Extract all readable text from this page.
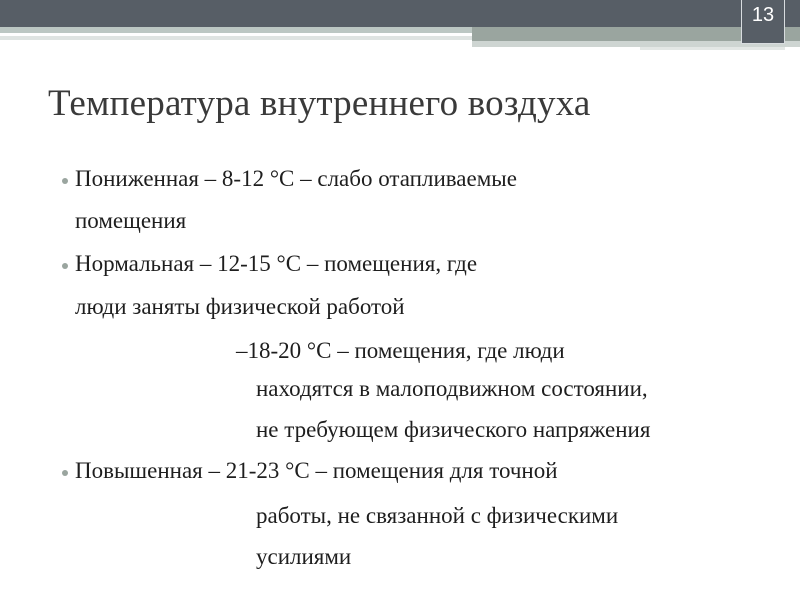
13
Температура внутреннего воздуха
Пониженная – 8-12 °С – слабо отапливаемые
помещения
Нормальная – 12-15 °С – помещения, где
люди заняты физической работой
–18-20 °С – помещения, где люди
находятся в малоподвижном состоянии,
не требующем физического напряжения
Повышенная – 21-23 °С – помещения для точной
работы, не связанной с физическими
усилиями
